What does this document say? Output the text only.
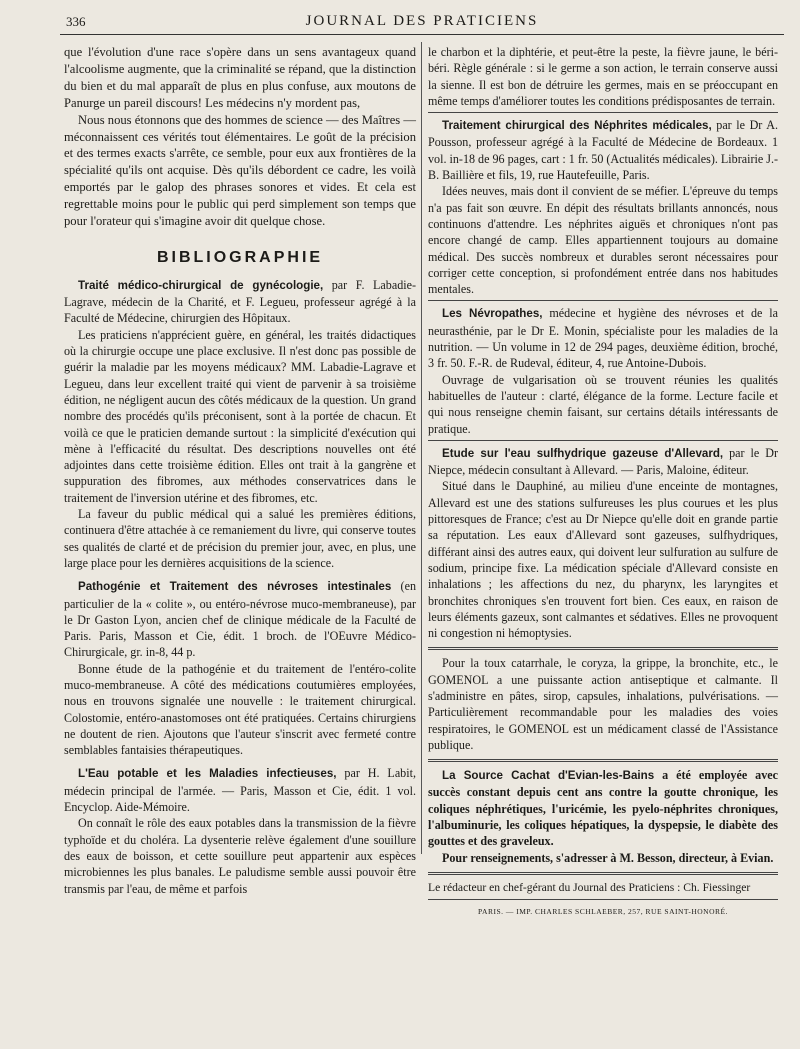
336	JOURNAL DES PRATICIENS

que l'évolution d'une race s'opère dans un sens avantageux quand l'alcoolisme augmente, que la criminalité se répand, que la distinction du bien et du mal apparaît de plus en plus confuse, aux moutons de Panurge un pareil discours! Les médecins n'y mordent pas,

Nous nous étonnons que des hommes de science — des Maîtres — méconnaissent ces vérités tout élémentaires. Le goût de la précision et des termes exacts s'arrête, ce semble, pour eux aux frontières de la spécialité qu'ils ont acquise. Dès qu'ils débordent ce cadre, les voilà emportés par le galop des phrases sonores et vides. Et cela est regrettable moins pour le public qui perd simplement son temps que pour l'orateur qui s'imagine avoir dit quelque chose.

BIBLIOGRAPHIE

Traité médico-chirurgical de gynécologie, par F. Labadie-Lagrave, médecin de la Charité, et F. Legueu, professeur agrégé à la Faculté de Médecine, chirurgien des Hôpitaux.

Les praticiens n'apprécient guère, en général, les traités didactiques où la chirurgie occupe une place exclusive. Il n'est donc pas possible de guérir la maladie par les moyens médicaux? MM. Labadie-Lagrave et Legueu, dans leur excellent traité qui vient de parvenir à sa troisième édition, ne négligent aucun des côtés médicaux de la question. Un grand nombre des procédés qu'ils préconisent, sont à la portée de chacun. Et voilà ce que le praticien demande surtout : la simplicité d'exécution qui mène à l'efficacité du résultat. Des descriptions nouvelles ont été adjointes dans cette troisième édition. Elles ont trait à la gangrène et suppuration des fibromes, aux méthodes conservatrices dans le traitement de l'inversion utérine et des fibromes, etc.

La faveur du public médical qui a salué les premières éditions, continuera d'être attachée à ce remaniement du livre, qui conserve toutes ses qualités de clarté et de précision du premier jour, avec, en plus, une large place pour les dernières acquisitions de la science.

Pathogénie et Traitement des névroses intestinales (en particulier de la « colite », ou entéro-névrose muco-membraneuse), par le Dr Gaston Lyon, ancien chef de clinique médicale de la Faculté de Paris. Paris, Masson et Cie, édit. 1 broch. de l'OEuvre Médico-Chirurgicale, gr. in-8, 44 p.

Bonne étude de la pathogénie et du traitement de l'entéro-colite muco-membraneuse. A côté des médications coutumières employées, nous en trouvons signalée une nouvelle : le traitement chirurgical. Colostomie, entéro-anastomoses ont été pratiquées. Certains chirurgiens ne doutent de rien. Ajoutons que l'auteur s'inscrit avec fermeté contre semblables fantaisies thérapeutiques.

L'Eau potable et les Maladies infectieuses, par H. Labit, médecin principal de l'armée. — Paris, Masson et Cie, édit. 1 vol. Encyclop. Aide-Mémoire.

On connaît le rôle des eaux potables dans la transmission de la fièvre typhoïde et du choléra. La dysenterie relève également d'une souillure des eaux de boisson, et cette souillure peut appartenir aux espèces microbiennes les plus banales. Le paludisme semble aussi pouvoir être transmis par l'eau, de même et parfois

le charbon et la diphtérie, et peut-être la peste, la fièvre jaune, le béri-béri. Règle générale : si le germe a son action, le terrain conserve aussi la sienne. Il est bon de détruire les germes, mais en se préoccupant en même temps d'améliorer toutes les conditions prédisposantes de terrain.

Traitement chirurgical des Néphrites médicales, par le Dr A. Pousson, professeur agrégé à la Faculté de Médecine de Bordeaux. 1 vol. in-18 de 96 pages, cart : 1 fr. 50 (Actualités médicales). Librairie J.-B. Baillière et fils, 19, rue Hautefeuille, Paris.

Idées neuves, mais dont il convient de se méfier. L'épreuve du temps n'a pas fait son œuvre. En dépit des résultats brillants annoncés, nous continuons d'attendre. Les néphrites aiguës et chroniques n'ont pas encore changé de camp. Elles appartiennent toujours au domaine médical. Des succès nombreux et durables seront nécessaires pour corriger cette conception, si profondément entrée dans nos habitudes mentales.

Les Névropathes, médecine et hygiène des névroses et de la neurasthénie, par le Dr E. Monin, spécialiste pour les maladies de la nutrition. — Un volume in 12 de 294 pages, deuxième édition, broché, 3 fr. 50. F.-R. de Rudeval, éditeur, 4, rue Antoine-Dubois.

Ouvrage de vulgarisation où se trouvent réunies les qualités habituelles de l'auteur : clarté, élégance de la forme. Lecture facile et qui nous renseigne chemin faisant, sur certains détails intéressants de pratique.

Etude sur l'eau sulfhydrique gazeuse d'Allevard, par le Dr Niepce, médecin consultant à Allevard. — Paris, Maloine, éditeur.

Situé dans le Dauphiné, au milieu d'une enceinte de montagnes, Allevard est une des stations sulfureuses les plus courues et les plus pittoresques de France; c'est au Dr Niepce qu'elle doit en grande partie sa réputation. Les eaux d'Allevard sont gazeuses, sulfhydriques, différant ainsi des autres eaux, qui doivent leur sulfuration au sulfure de sodium, principe fixe. La médication spéciale d'Allevard consiste en inhalations ; les affections du nez, du pharynx, les laryngites et bronchites chroniques s'en trouvent fort bien. Ces eaux, en raison de leurs éléments gazeux, sont calmantes et sédatives. Elles ne provoquent ni congestion ni hémoptysies.

Pour la toux catarrhale, le coryza, la grippe, la bronchite, etc., le GOMENOL a une puissante action antiseptique et calmante. Il s'administre en pâtes, sirop, capsules, inhalations, pulvérisations. — Particulièrement recommandable pour les maladies des voies respiratoires, le GOMENOL est un médicament classé de l'Assistance publique.

La Source Cachat d'Evian-les-Bains a été employée avec succès constant depuis cent ans contre la goutte chronique, les coliques néphrétiques, l'uricémie, les pyelo-néphrites chroniques, l'albuminurie, les coliques hépatiques, la dyspepsie, le diabète des gouttes et des graveleux.

Pour renseignements, s'adresser à M. Besson, directeur, à Evian.

Le rédacteur en chef-gérant du Journal des Praticiens : Ch. Fiessinger

PARIS. — IMP. CHARLES SCHLAEBER, 257, RUE SAINT-HONORÉ.
